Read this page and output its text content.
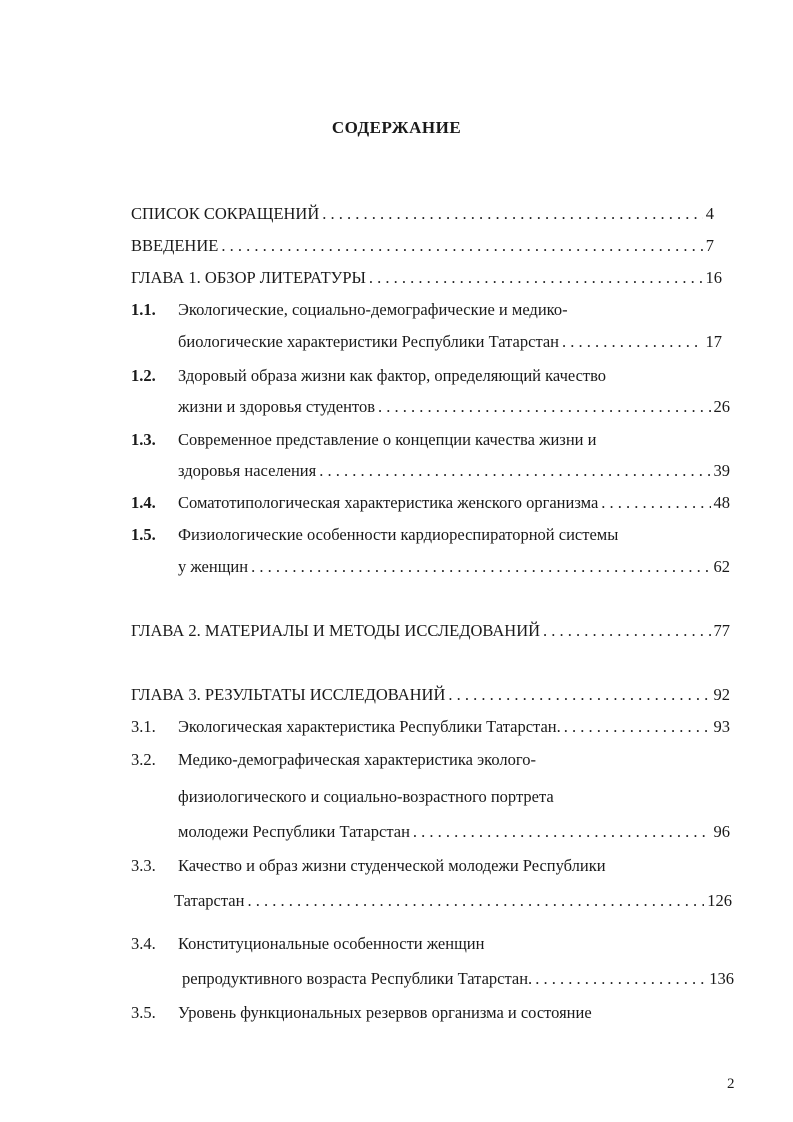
СОДЕРЖАНИЕ
СПИСОК СОКРАЩЕНИЙ . . .	4
ВВЕДЕНИЕ . . .	7
ГЛАВА 1. ОБЗОР ЛИТЕРАТУРЫ . . .	16
1.1. Экологические, социально-демографические и медико-
биологические характеристики Республики Татарстан . . .	17
1.2. Здоровый образа жизни как фактор, определяющий качество
жизни и здоровья студентов . . .	26
1.3. Современное представление о концепции качества жизни и
здоровья населения . . .	39
1.4. Соматотипологическая характеристика женского организма . . .	48
1.5. Физиологические особенности кардиореспираторной системы
у женщин . . .	62
ГЛАВА 2. МАТЕРИАЛЫ И МЕТОДЫ ИССЛЕДОВАНИЙ . . .	77
ГЛАВА 3. РЕЗУЛЬТАТЫ ИССЛЕДОВАНИЙ . . .	92
3.1. Экологическая характеристика Республики Татарстан. . . .	93
3.2. Медико-демографическая характеристика эколого-
физиологического и социально-возрастного портрета
молодежи Республики Татарстан . . .	96
3.3. Качество и образ жизни студенческой молодежи Республики
Татарстан . . .	126
3.4. Конституциональные особенности женщин
репродуктивного возраста Республики Татарстан. . . .	136
3.5. Уровень функциональных резервов организма и состояние
2
